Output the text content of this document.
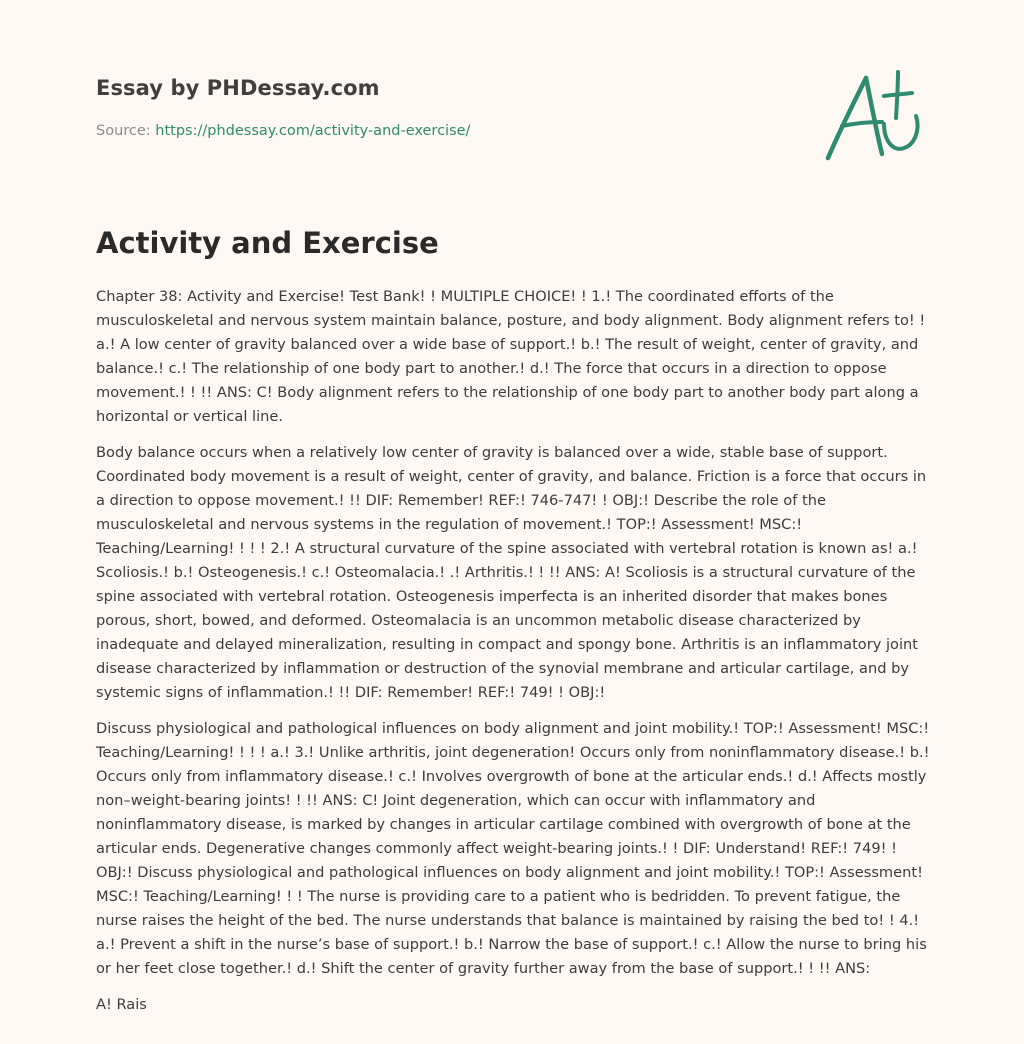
Essay by PHDessay.com
Source: https://phdessay.com/activity-and-exercise/
Activity and Exercise

Chapter 38: Activity and Exercise! Test Bank! ! MULTIPLE CHOICE! ! 1.! The coordinated efforts of the musculoskeletal and nervous system maintain balance, posture, and body alignment. Body alignment refers to! ! a.! A low center of gravity balanced over a wide base of support.! b.! The result of weight, center of gravity, and balance.! c.! The relationship of one body part to another.! d.! The force that occurs in a direction to oppose movement.! ! !! ANS: C! Body alignment refers to the relationship of one body part to another body part along a horizontal or vertical line.

Body balance occurs when a relatively low center of gravity is balanced over a wide, stable base of support. Coordinated body movement is a result of weight, center of gravity, and balance. Friction is a force that occurs in a direction to oppose movement.! !! DIF: Remember! REF:! 746-747! ! OBJ:! Describe the role of the musculoskeletal and nervous systems in the regulation of movement.! TOP:! Assessment! MSC:! Teaching/Learning! ! ! ! 2.! A structural curvature of the spine associated with vertebral rotation is known as! a.! Scoliosis.! b.! Osteogenesis.! c.! Osteomalacia.! .! Arthritis.! ! !! ANS: A! Scoliosis is a structural curvature of the spine associated with vertebral rotation. Osteogenesis imperfecta is an inherited disorder that makes bones porous, short, bowed, and deformed. Osteomalacia is an uncommon metabolic disease characterized by inadequate and delayed mineralization, resulting in compact and spongy bone. Arthritis is an inflammatory joint disease characterized by inflammation or destruction of the synovial membrane and articular cartilage, and by systemic signs of inflammation.! !! DIF: Remember! REF:! 749! ! OBJ:!

Discuss physiological and pathological influences on body alignment and joint mobility.! TOP:! Assessment! MSC:! Teaching/Learning! ! ! ! a.! 3.! Unlike arthritis, joint degeneration! Occurs only from noninflammatory disease.! b.! Occurs only from inflammatory disease.! c.! Involves overgrowth of bone at the articular ends.! d.! Affects mostly non–weight-bearing joints! ! !! ANS: C! Joint degeneration, which can occur with inflammatory and noninflammatory disease, is marked by changes in articular cartilage combined with overgrowth of bone at the articular ends. Degenerative changes commonly affect weight-bearing joints.! ! DIF: Understand! REF:! 749! ! OBJ:! Discuss physiological and pathological influences on body alignment and joint mobility.! TOP:! Assessment! MSC:! Teaching/Learning! ! ! The nurse is providing care to a patient who is bedridden. To prevent fatigue, the nurse raises the height of the bed. The nurse understands that balance is maintained by raising the bed to! ! 4.! a.! Prevent a shift in the nurse’s base of support.! b.! Narrow the base of support.! c.! Allow the nurse to bring his or her feet close together.! d.! Shift the center of gravity further away from the base of support.! ! !! ANS:

A! Rais
